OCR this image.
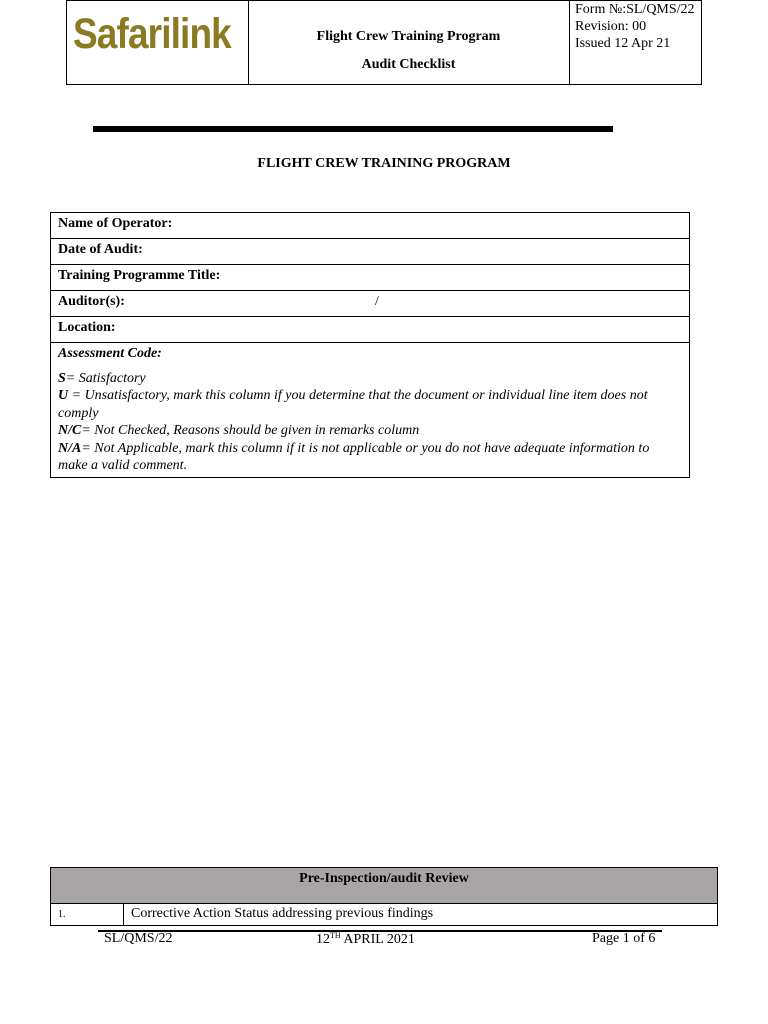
Safarilink	Flight Crew Training Program
Audit Checklist
Form №:SL/QMS/22
Revision: 00
Issued 12 Apr 21
FLIGHT CREW TRAINING PROGRAM
Name of Operator:
Date of Audit:
Training Programme Title:
Auditor(s):	/
Location:
Assessment Code:
S= Satisfactory
U = Unsatisfactory, mark this column if you determine that the document or individual line item does not comply
N/C= Not Checked, Reasons should be given in remarks column
N/A= Not Applicable, mark this column if it is not applicable or you do not have adequate information to make a valid comment.
Pre-Inspection/audit Review
1.	Corrective Action Status addressing previous findings
SL/QMS/22	12TH APRIL 2021	Page 1 of 6
